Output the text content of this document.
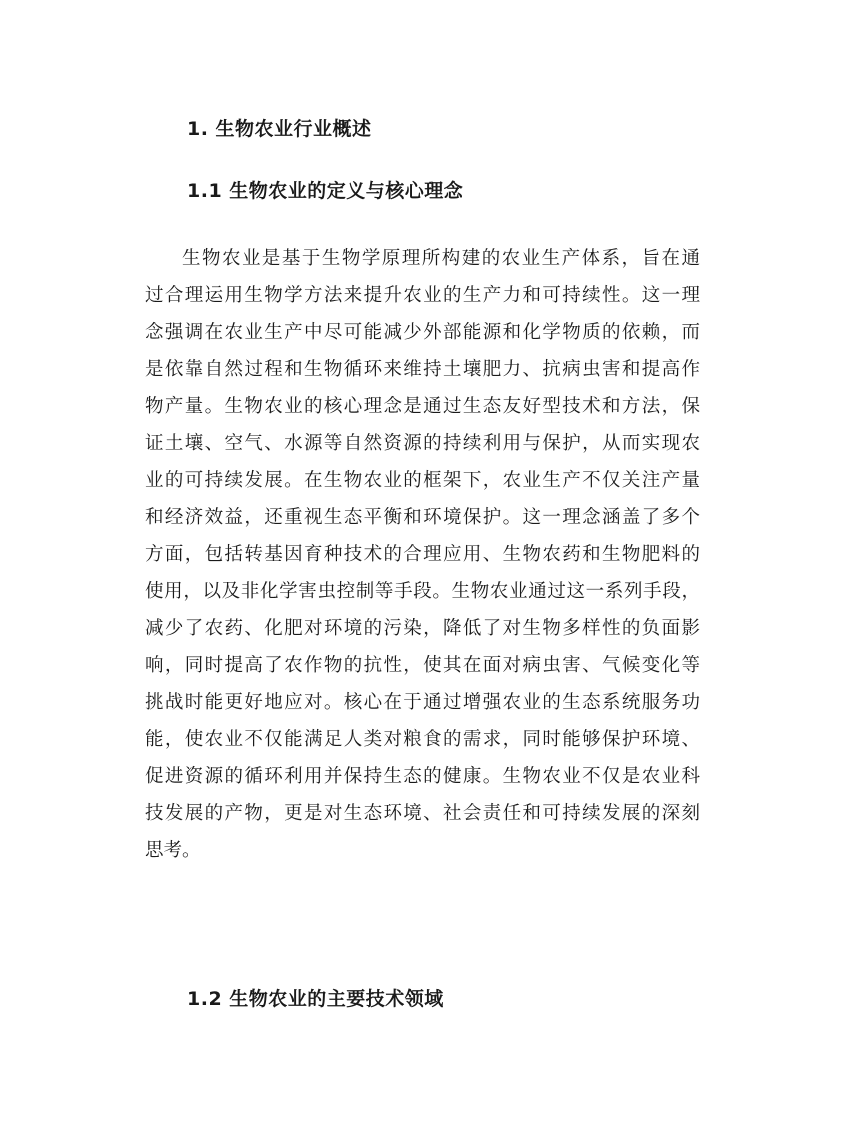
1. 生物农业行业概述
1.1 生物农业的定义与核心理念
生物农业是基于生物学原理所构建的农业生产体系，旨在通
过合理运用生物学方法来提升农业的生产力和可持续性。这一理
念强调在农业生产中尽可能减少外部能源和化学物质的依赖，而
是依靠自然过程和生物循环来维持土壤肥力、抗病虫害和提高作
物产量。生物农业的核心理念是通过生态友好型技术和方法，保
证土壤、空气、水源等自然资源的持续利用与保护，从而实现农
业的可持续发展。在生物农业的框架下，农业生产不仅关注产量
和经济效益，还重视生态平衡和环境保护。这一理念涵盖了多个
方面，包括转基因育种技术的合理应用、生物农药和生物肥料的
使用，以及非化学害虫控制等手段。生物农业通过这一系列手段，
减少了农药、化肥对环境的污染，降低了对生物多样性的负面影
响，同时提高了农作物的抗性，使其在面对病虫害、气候变化等
挑战时能更好地应对。核心在于通过增强农业的生态系统服务功
能，使农业不仅能满足人类对粮食的需求，同时能够保护环境、
促进资源的循环利用并保持生态的健康。生物农业不仅是农业科
技发展的产物，更是对生态环境、社会责任和可持续发展的深刻
思考。
1.2 生物农业的主要技术领域
